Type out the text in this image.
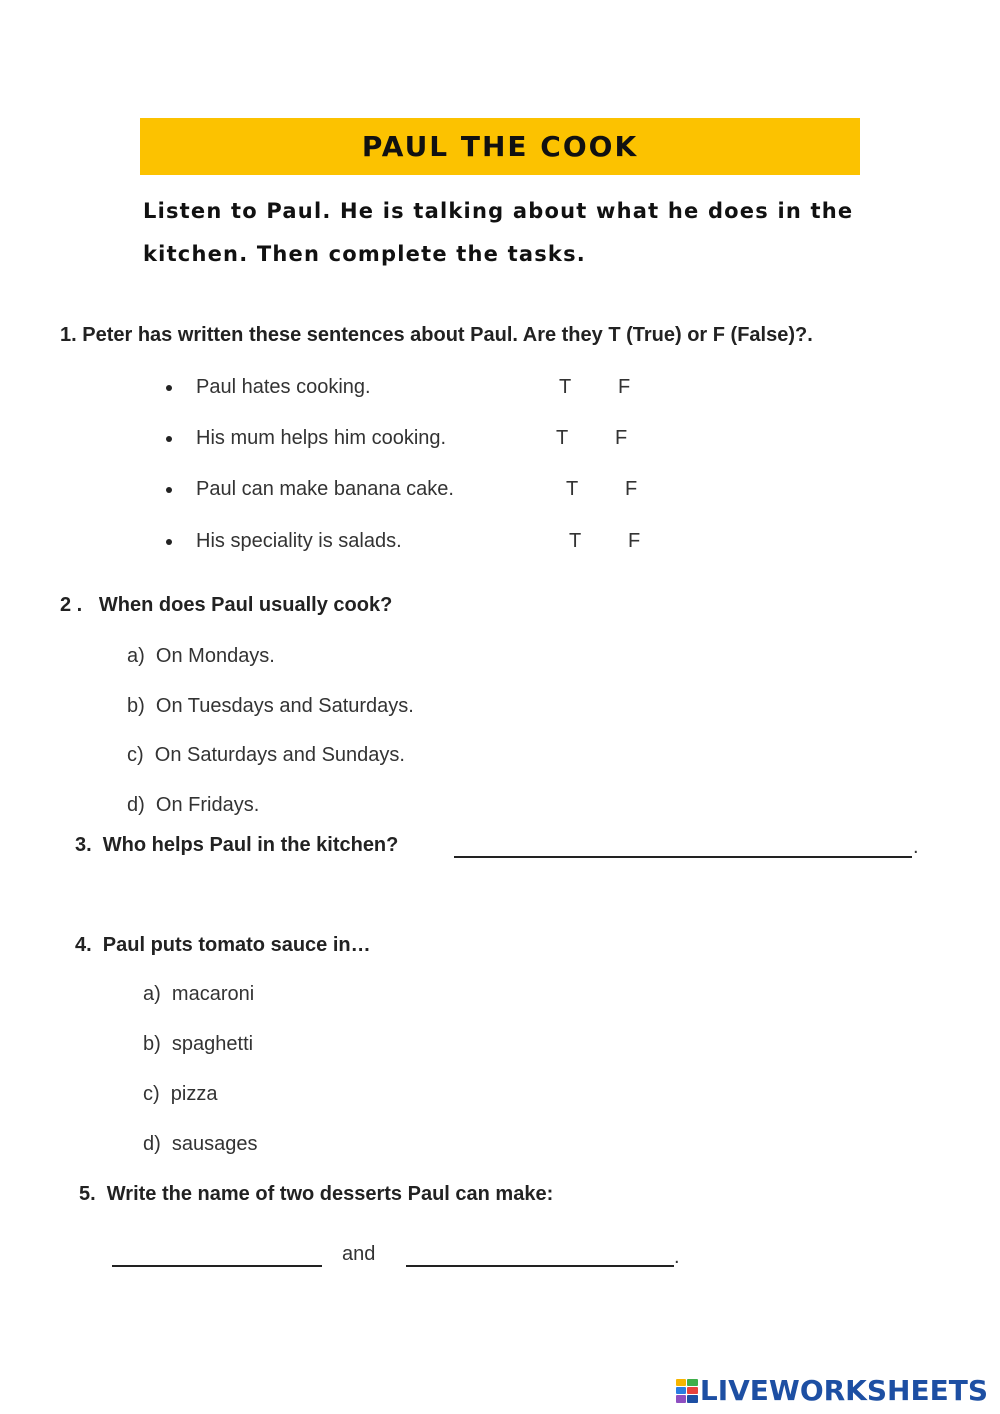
PAUL THE COOK
Listen to Paul. He is talking about what he does in the kitchen. Then complete the tasks.
1. Peter has written these sentences about Paul. Are they T (True) or F (False)?.
Paul hates cooking.	T F
His mum helps him cooking.	T F
Paul can make banana cake.	T F
His speciality is salads.	T F
2 .   When does Paul usually cook?
a) On Mondays.
b) On Tuesdays and Saturdays.
c) On Saturdays and Sundays.
d) On Fridays.
3.  Who helps Paul in the kitchen?	.
4.  Paul puts tomato sauce in…
a) macaroni
b) spaghetti
c) pizza
d) sausages
5.  Write the name of two desserts Paul can make:
and	.
LIVEWORKSHEETS
